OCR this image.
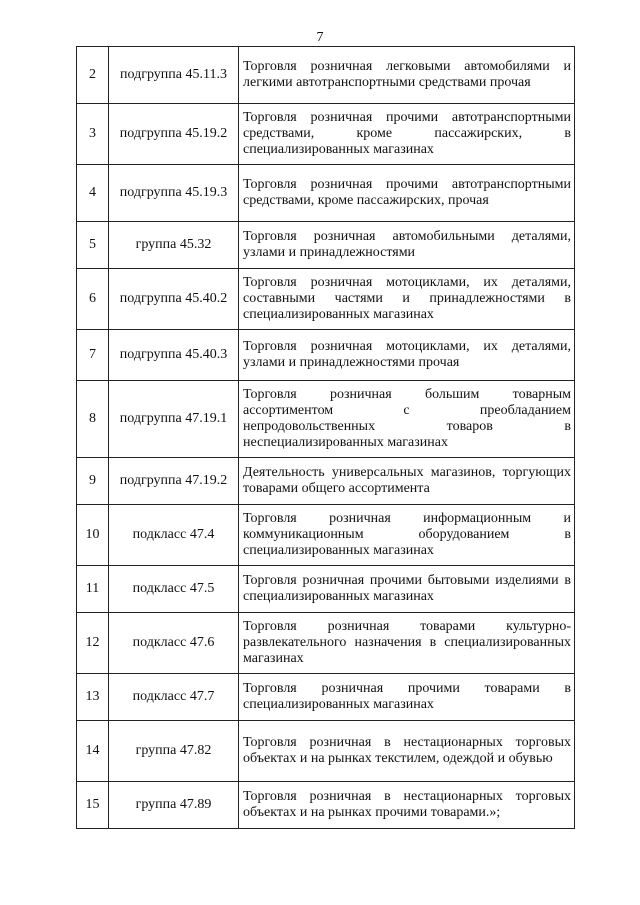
7
2	подгруппа 45.11.3	Торговля розничная легковыми автомобилями и легкими автотранспортными средствами прочая
3	подгруппа 45.19.2	Торговля розничная прочими автотранспортными средствами, кроме пассажирских, в специализированных магазинах
4	подгруппа 45.19.3	Торговля розничная прочими автотранспортными средствами, кроме пассажирских, прочая
5	группа 45.32	Торговля розничная автомобильными деталями, узлами и принадлежностями
6	подгруппа 45.40.2	Торговля розничная мотоциклами, их деталями, составными частями и принадлежностями в специализированных магазинах
7	подгруппа 45.40.3	Торговля розничная мотоциклами, их деталями, узлами и принадлежностями прочая
8	подгруппа 47.19.1	Торговля розничная большим товарным ассортиментом с преобладанием непродовольственных товаров в неспециализированных магазинах
9	подгруппа 47.19.2	Деятельность универсальных магазинов, торгующих товарами общего ассортимента
10	подкласс 47.4	Торговля розничная информационным и коммуникационным оборудованием в специализированных магазинах
11	подкласс 47.5	Торговля розничная прочими бытовыми изделиями в специализированных магазинах
12	подкласс 47.6	Торговля розничная товарами культурно-развлекательного назначения в специализированных магазинах
13	подкласс 47.7	Торговля розничная прочими товарами в специализированных магазинах
14	группа 47.82	Торговля розничная в нестационарных торговых объектах и на рынках текстилем, одеждой и обувью
15	группа 47.89	Торговля розничная в нестационарных торговых объектах и на рынках прочими товарами.»;
